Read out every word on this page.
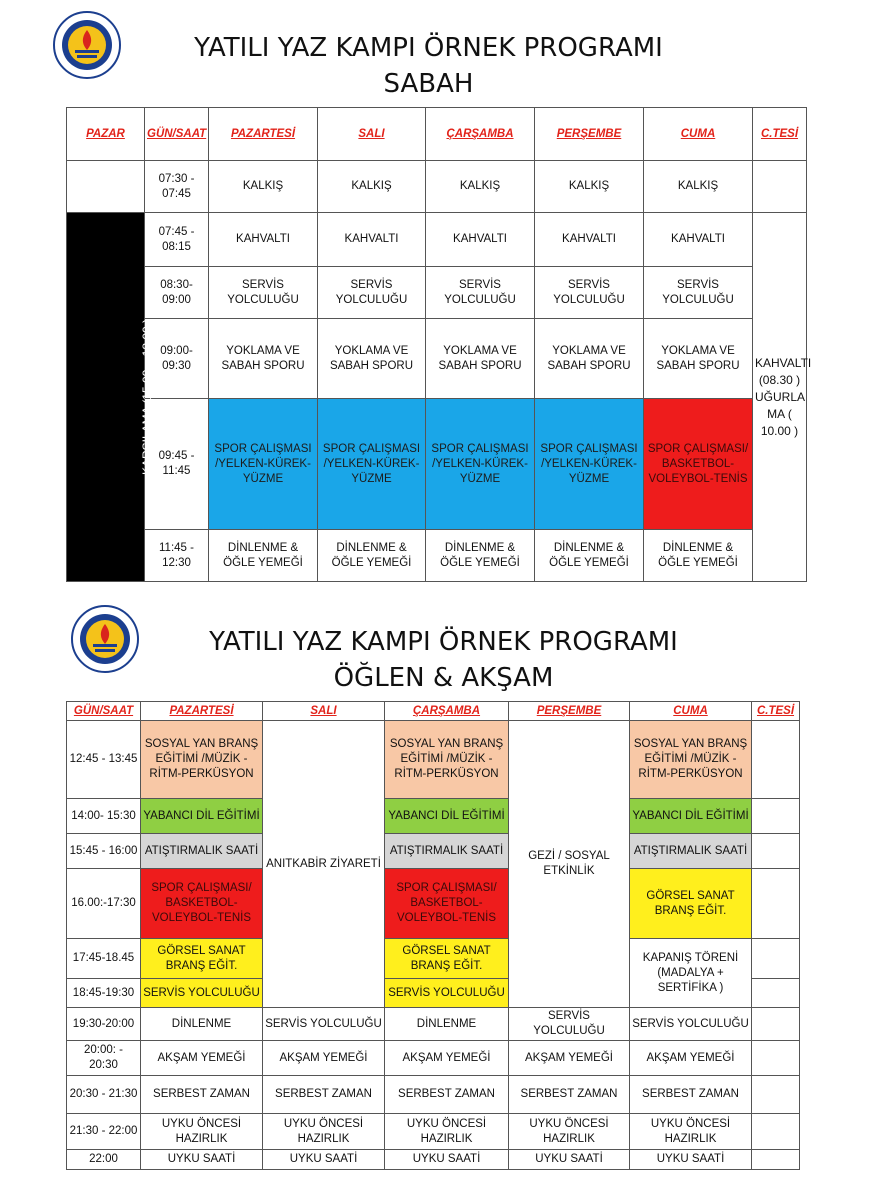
YATILI YAZ KAMPI ÖRNEK PROGRAMI
SABAH
PAZAR	GÜN/SAAT	PAZARTESİ	SALI	ÇARŞAMBA	PERŞEMBE	CUMA	C.TESİ
	07:30 - 07:45	KALKIŞ	KALKIŞ	KALKIŞ	KALKIŞ	KALKIŞ	
KARŞILAMA (15.00 – 18.00 )	07:45 - 08:15	KAHVALTI	KAHVALTI	KAHVALTI	KAHVALTI	KAHVALTI	KAHVALTI (08.30 ) UĞURLA MA ( 10.00 )
	08:30- 09:00	SERVİS YOLCULUĞU	SERVİS YOLCULUĞU	SERVİS YOLCULUĞU	SERVİS YOLCULUĞU	SERVİS YOLCULUĞU	
	09:00- 09:30	YOKLAMA VE SABAH SPORU	YOKLAMA VE SABAH SPORU	YOKLAMA VE SABAH SPORU	YOKLAMA VE SABAH SPORU	YOKLAMA VE SABAH SPORU	
	09:45 - 11:45	SPOR ÇALIŞMASI /YELKEN-KÜREK-YÜZME	SPOR ÇALIŞMASI /YELKEN-KÜREK-YÜZME	SPOR ÇALIŞMASI /YELKEN-KÜREK-YÜZME	SPOR ÇALIŞMASI /YELKEN-KÜREK-YÜZME	SPOR ÇALIŞMASI/ BASKETBOL-VOLEYBOL-TENİS	
	11:45 - 12:30	DİNLENME & ÖĞLE YEMEĞİ	DİNLENME & ÖĞLE YEMEĞİ	DİNLENME & ÖĞLE YEMEĞİ	DİNLENME & ÖĞLE YEMEĞİ	DİNLENME & ÖĞLE YEMEĞİ	
YATILI YAZ KAMPI ÖRNEK PROGRAMI
ÖĞLEN & AKŞAM
GÜN/SAAT	PAZARTESİ	SALI	ÇARŞAMBA	PERŞEMBE	CUMA	C.TESİ
12:45 - 13:45	SOSYAL YAN BRANŞ EĞİTİMİ /MÜZİK - RİTM-PERKÜSYON	ANITKABİR ZİYARETİ	SOSYAL YAN BRANŞ EĞİTİMİ /MÜZİK - RİTM-PERKÜSYON	GEZİ / SOSYAL ETKİNLİK	SOSYAL YAN BRANŞ EĞİTİMİ /MÜZİK - RİTM-PERKÜSYON	
14:00- 15:30	YABANCI DİL EĞİTİMİ		YABANCI DİL EĞİTİMİ		YABANCI DİL EĞİTİMİ	
15:45 - 16:00	ATIŞTIRMALIK SAATİ		ATIŞTIRMALIK SAATİ		ATIŞTIRMALIK SAATİ	
16.00:-17:30	SPOR ÇALIŞMASI/ BASKETBOL-VOLEYBOL-TENİS		SPOR ÇALIŞMASI/ BASKETBOL-VOLEYBOL-TENİS		GÖRSEL SANAT BRANŞ EĞİT.	
17:45-18.45	GÖRSEL SANAT BRANŞ EĞİT.		GÖRSEL SANAT BRANŞ EĞİT.		KAPANIŞ TÖRENİ (MADALYA + SERTİFİKA )	
18:45-19:30	SERVİS YOLCULUĞU		SERVİS YOLCULUĞU			
19:30-20:00	DİNLENME	SERVİS YOLCULUĞU	DİNLENME	SERVİS YOLCULUĞU	SERVİS YOLCULUĞU	
20:00: - 20:30	AKŞAM YEMEĞİ	AKŞAM YEMEĞİ	AKŞAM YEMEĞİ	AKŞAM YEMEĞİ	AKŞAM YEMEĞİ	
20:30 - 21:30	SERBEST ZAMAN	SERBEST ZAMAN	SERBEST ZAMAN	SERBEST ZAMAN	SERBEST ZAMAN	
21:30 - 22:00	UYKU ÖNCESİ HAZIRLIK	UYKU ÖNCESİ HAZIRLIK	UYKU ÖNCESİ HAZIRLIK	UYKU ÖNCESİ HAZIRLIK	UYKU ÖNCESİ HAZIRLIK	
22:00	UYKU SAATİ	UYKU SAATİ	UYKU SAATİ	UYKU SAATİ	UYKU SAATİ	
